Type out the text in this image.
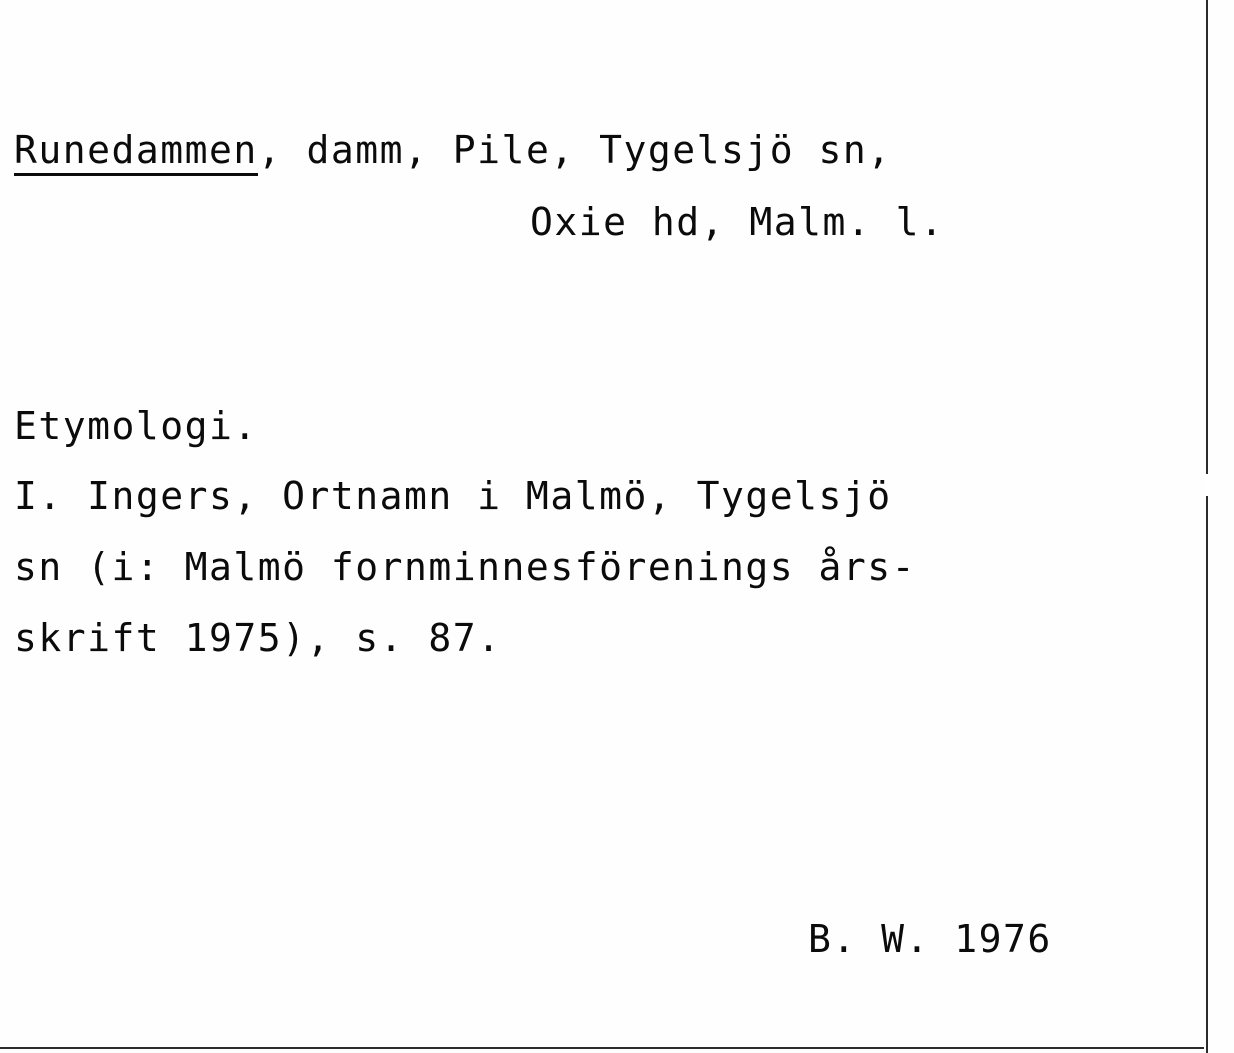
Runedammen, damm, Pile, Tygelsjö sn,
Oxie hd, Malm. l.
Etymologi.
I. Ingers, Ortnamn i Malmö, Tygelsjö
sn (i: Malmö fornminnesförenings års-
skrift 1975), s. 87.
B. W. 1976
